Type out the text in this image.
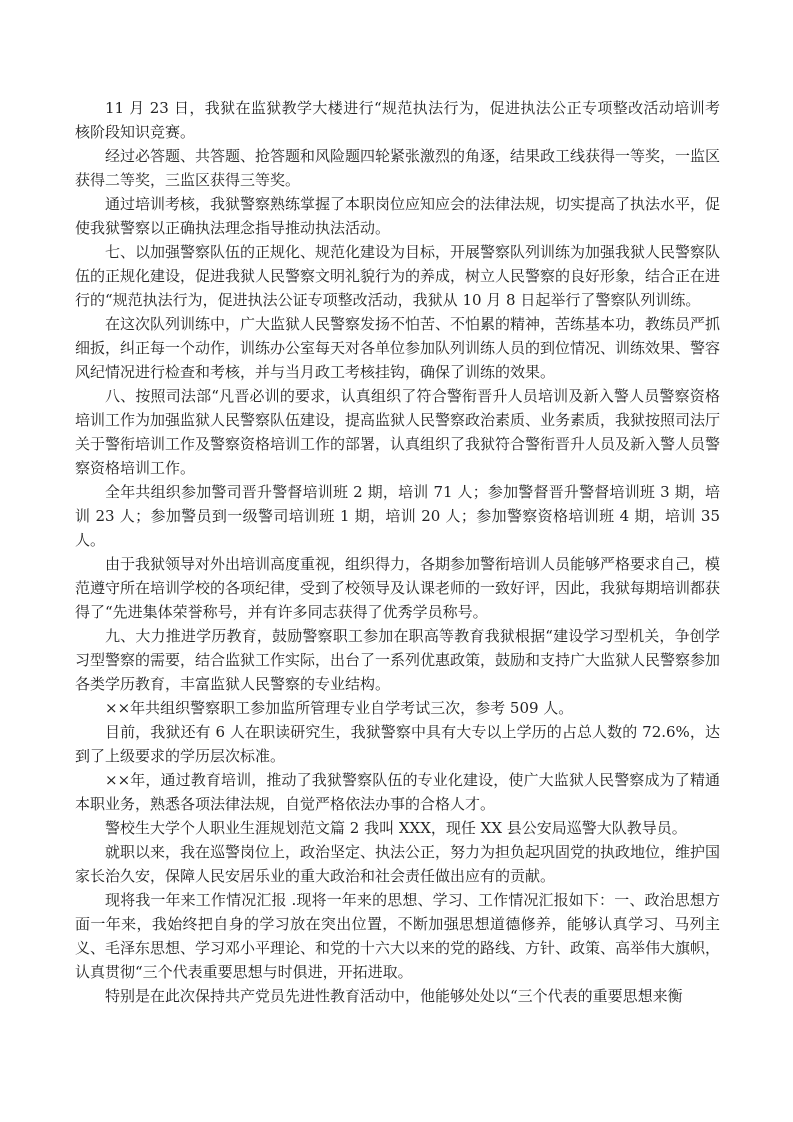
11 月 23 日，我狱在监狱教学大楼进行“规范执法行为，促进执法公正专项整改活动培训考核阶段知识竞赛。

经过必答题、共答题、抢答题和风险题四轮紧张激烈的角逐，结果政工线获得一等奖，一监区获得二等奖，三监区获得三等奖。

通过培训考核，我狱警察熟练掌握了本职岗位应知应会的法律法规，切实提高了执法水平，促使我狱警察以正确执法理念指导推动执法活动。

七、以加强警察队伍的正规化、规范化建设为目标，开展警察队列训练为加强我狱人民警察队伍的正规化建设，促进我狱人民警察文明礼貌行为的养成，树立人民警察的良好形象，结合正在进行的“规范执法行为，促进执法公证专项整改活动，我狱从 10 月 8 日起举行了警察队列训练。

在这次队列训练中，广大监狱人民警察发扬不怕苦、不怕累的精神，苦练基本功，教练员严抓细扳，纠正每一个动作，训练办公室每天对各单位参加队列训练人员的到位情况、训练效果、警容风纪情况进行检查和考核，并与当月政工考核挂钩，确保了训练的效果。

八、按照司法部“凡晋必训的要求，认真组织了符合警衔晋升人员培训及新入警人员警察资格培训工作为加强监狱人民警察队伍建设，提高监狱人民警察政治素质、业务素质，我狱按照司法厅关于警衔培训工作及警察资格培训工作的部署，认真组织了我狱符合警衔晋升人员及新入警人员警察资格培训工作。

全年共组织参加警司晋升警督培训班 2 期，培训 71 人；参加警督晋升警督培训班 3 期，培训 23 人；参加警员到一级警司培训班 1 期，培训 20 人；参加警察资格培训班 4 期，培训 35 人。

由于我狱领导对外出培训高度重视，组织得力，各期参加警衔培训人员能够严格要求自己，模范遵守所在培训学校的各项纪律，受到了校领导及认课老师的一致好评，因此，我狱每期培训都获得了“先进集体荣誉称号，并有许多同志获得了优秀学员称号。

九、大力推进学历教育，鼓励警察职工参加在职高等教育我狱根据“建设学习型机关，争创学习型警察的需要，结合监狱工作实际，出台了一系列优惠政策，鼓励和支持广大监狱人民警察参加各类学历教育，丰富监狱人民警察的专业结构。

××年共组织警察职工参加监所管理专业自学考试三次，参考 509 人。

目前，我狱还有 6 人在职读研究生，我狱警察中具有大专以上学历的占总人数的 72.6%，达到了上级要求的学历层次标准。

××年，通过教育培训，推动了我狱警察队伍的专业化建设，使广大监狱人民警察成为了精通本职业务，熟悉各项法律法规，自觉严格依法办事的合格人才。

警校生大学个人职业生涯规划范文篇 2 我叫 XXX，现任 XX 县公安局巡警大队教导员。

就职以来，我在巡警岗位上，政治坚定、执法公正，努力为担负起巩固党的执政地位，维护国家长治久安，保障人民安居乐业的重大政治和社会责任做出应有的贡献。

现将我一年来工作情况汇报 .现将一年来的思想、学习、工作情况汇报如下：一、政治思想方面一年来，我始终把自身的学习放在突出位置，不断加强思想道德修养，能够认真学习、马列主义、毛泽东思想、学习邓小平理论、和党的十六大以来的党的路线、方针、政策、高举伟大旗帜，认真贯彻“三个代表重要思想与时俱进，开拓进取。

特别是在此次保持共产党员先进性教育活动中，他能够处处以“三个代表的重要思想来衡
